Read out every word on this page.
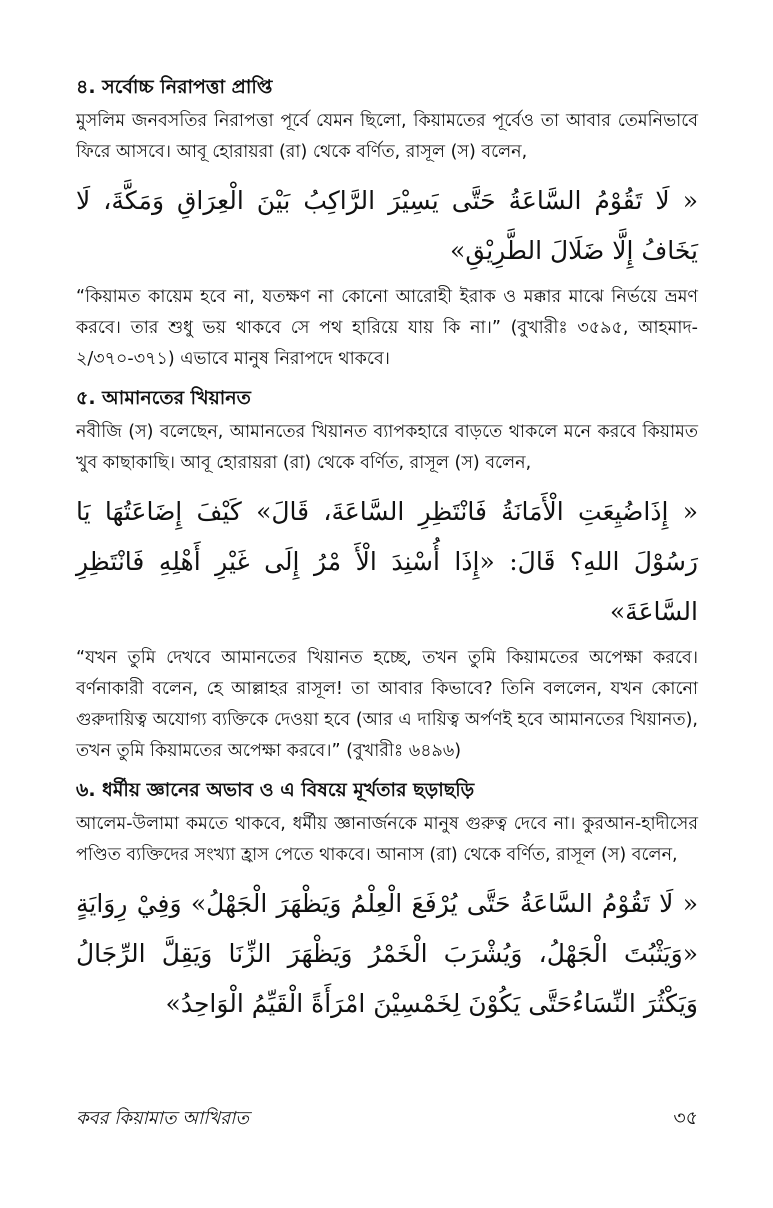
৪. সর্বোচ্চ নিরাপত্তা প্রাপ্তি

মুসলিম জনবসতির নিরাপত্তা পূর্বে যেমন ছিলো, কিয়ামতের পূর্বেও তা আবার তেমনিভাবে ফিরে আসবে। আবূ হোরায়রা (রা) থেকে বর্ণিত, রাসূল (স) বলেন,

« لَا تَقُوْمُ السَّاعَةُ حَتَّى يَسِيْرَ الرَّاكِبُ بَيْنَ الْعِرَاقِ وَمَكَّةَ، لَا يَخَافُ إِلَّا ضَلَالَ الطَّرِيْقِ»

“কিয়ামত কায়েম হবে না, যতক্ষণ না কোনো আরোহী ইরাক ও মক্কার মাঝে নির্ভয়ে ভ্রমণ করবে। তার শুধু ভয় থাকবে সে পথ হারিয়ে যায় কি না।” (বুখারীঃ ৩৫৯৫, আহমাদ- ২/৩৭০-৩৭১) এভাবে মানুষ নিরাপদে থাকবে।

৫. আমানতের খিয়ানত

নবীজি (স) বলেছেন, আমানতের খিয়ানত ব্যাপকহারে বাড়তে থাকলে মনে করবে কিয়ামত খুব কাছাকাছি। আবূ হোরায়রা (রা) থেকে বর্ণিত, রাসূল (স) বলেন,

« إِذَاضُيِعَتِ الْأَمَانَةُ فَانْتَظِرِ السَّاعَةَ، قَالَ» كَيْفَ إِضَاعَتُهَا يَا رَسُوْلَ اللهِ؟ قَالَ: «إِذَا أُسْنِدَ الْأَ مْرُ إِلَى غَيْرِ أَهْلِهِ فَانْتَظِرِ السَّاعَةَ»

“যখন তুমি দেখবে আমানতের খিয়ানত হচ্ছে, তখন তুমি কিয়ামতের অপেক্ষা করবে। বর্ণনাকারী বলেন, হে আল্লাহর রাসূল! তা আবার কিভাবে? তিনি বললেন, যখন কোনো গুরুদায়িত্ব অযোগ্য ব্যক্তিকে দেওয়া হবে (আর এ দায়িত্ব অর্পণই হবে আমানতের খিয়ানত), তখন তুমি কিয়ামতের অপেক্ষা করবে।” (বুখারীঃ ৬৪৯৬)

৬. ধর্মীয় জ্ঞানের অভাব ও এ বিষয়ে মূর্খতার ছড়াছড়ি

আলেম-উলামা কমতে থাকবে, ধর্মীয় জ্ঞানার্জনকে মানুষ গুরুত্ব দেবে না। কুরআন-হাদীসের পণ্ডিত ব্যক্তিদের সংখ্যা হ্রাস পেতে থাকবে। আনাস (রা) থেকে বর্ণিত, রাসূল (স) বলেন,

« لَا تَقُوْمُ السَّاعَةُ حَتَّى يُرْفَعَ الْعِلْمُ وَيَظْهَرَ الْجَهْلُ» وَفِيْ رِوَايَةٍ «وَيَثْبُتَ الْجَهْلُ، وَيُشْرَبَ الْخَمْرُ وَيَظْهَرَ الزِّنَا وَيَقِلَّ الرِّجَالُ وَيَكْثُرَ النِّسَاءُحَتَّى يَكُوْنَ لِخَمْسِيْنَ امْرَأَةً الْقَيِّمُ الْوَاحِدُ»

কবর কিয়ামাত আখিরাত	৩৫
